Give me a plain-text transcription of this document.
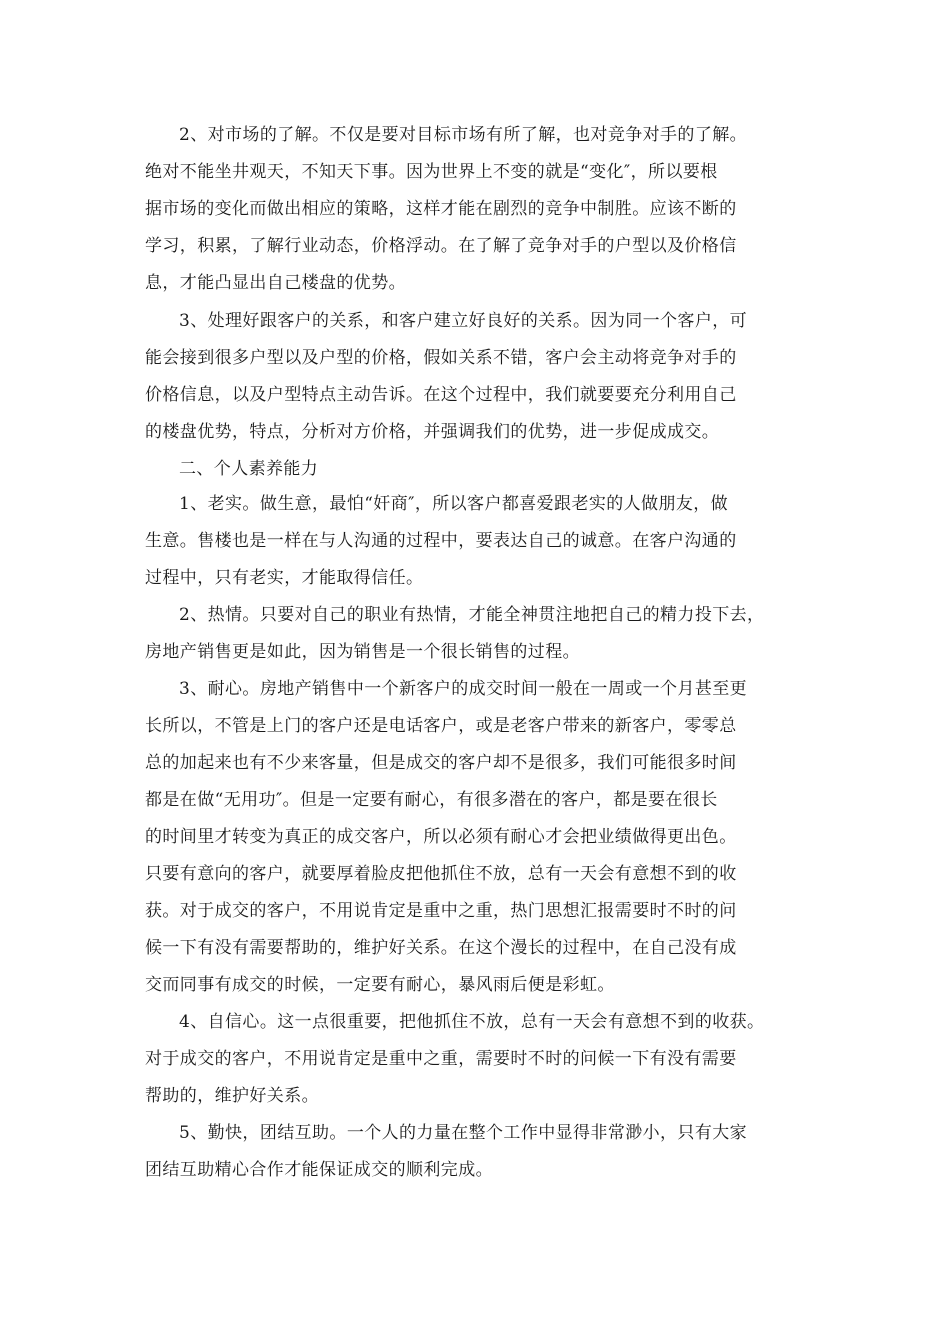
2、对市场的了解。不仅是要对目标市场有所了解，也对竞争对手的了解。
绝对不能坐井观天，不知天下事。因为世界上不变的就是“变化″，所以要根
据市场的变化而做出相应的策略，这样才能在剧烈的竞争中制胜。应该不断的
学习，积累，了解行业动态，价格浮动。在了解了竞争对手的户型以及价格信
息，才能凸显出自己楼盘的优势。
3、处理好跟客户的关系，和客户建立好良好的关系。因为同一个客户，可
能会接到很多户型以及户型的价格，假如关系不错，客户会主动将竞争对手的
价格信息，以及户型特点主动告诉。在这个过程中，我们就要要充分利用自己
的楼盘优势，特点，分析对方价格，并强调我们的优势，进一步促成成交。
二、个人素养能力
1、老实。做生意，最怕“奸商″，所以客户都喜爱跟老实的人做朋友，做
生意。售楼也是一样在与人沟通的过程中，要表达自己的诚意。在客户沟通的
过程中，只有老实，才能取得信任。
2、热情。只要对自己的职业有热情，才能全神贯注地把自己的精力投下去，
房地产销售更是如此，因为销售是一个很长销售的过程。
3、耐心。房地产销售中一个新客户的成交时间一般在一周或一个月甚至更
长所以，不管是上门的客户还是电话客户，或是老客户带来的新客户，零零总
总的加起来也有不少来客量，但是成交的客户却不是很多，我们可能很多时间
都是在做“无用功″。但是一定要有耐心，有很多潜在的客户，都是要在很长
的时间里才转变为真正的成交客户，所以必须有耐心才会把业绩做得更出色。
只要有意向的客户，就要厚着脸皮把他抓住不放，总有一天会有意想不到的收
获。对于成交的客户，不用说肯定是重中之重，热门思想汇报需要时不时的问
候一下有没有需要帮助的，维护好关系。在这个漫长的过程中，在自己没有成
交而同事有成交的时候，一定要有耐心，暴风雨后便是彩虹。
4、自信心。这一点很重要，把他抓住不放，总有一天会有意想不到的收获。
对于成交的客户，不用说肯定是重中之重，需要时不时的问候一下有没有需要
帮助的，维护好关系。
5、勤快，团结互助。一个人的力量在整个工作中显得非常渺小，只有大家
团结互助精心合作才能保证成交的顺利完成。
